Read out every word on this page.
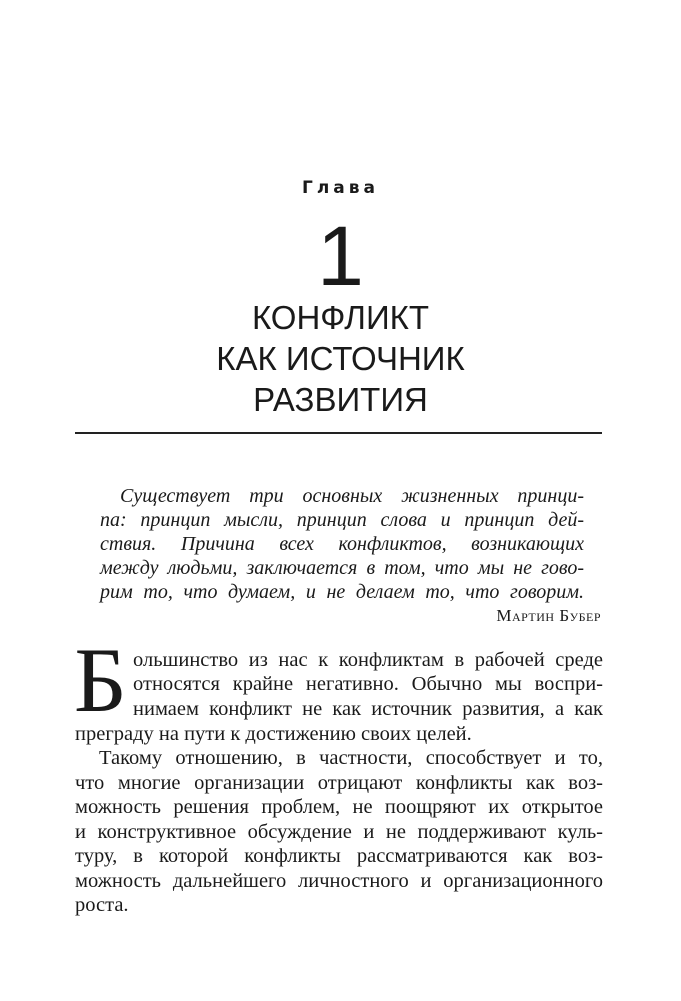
Глава
1
КОНФЛИКТ
КАК ИСТОЧНИК
РАЗВИТИЯ
Существует три основных жизненных принци-
па: принцип мысли, принцип слова и принцип дей-
ствия. Причина всех конфликтов, возникающих
между людьми, заключается в том, что мы не гово-
рим то, что думаем, и не делаем то, что говорим.
Мартин Бубер
Б ольшинство из нас к конфликтам в рабочей среде
относятся крайне негативно. Обычно мы воспри-
нимаем конфликт не как источник развития, а как
преграду на пути к достижению своих целей.
Такому отношению, в частности, способствует и то,
что многие организации отрицают конфликты как воз-
можность решения проблем, не поощряют их открытое
и конструктивное обсуждение и не поддерживают куль-
туру, в которой конфликты рассматриваются как воз-
можность дальнейшего личностного и организационного
роста.
